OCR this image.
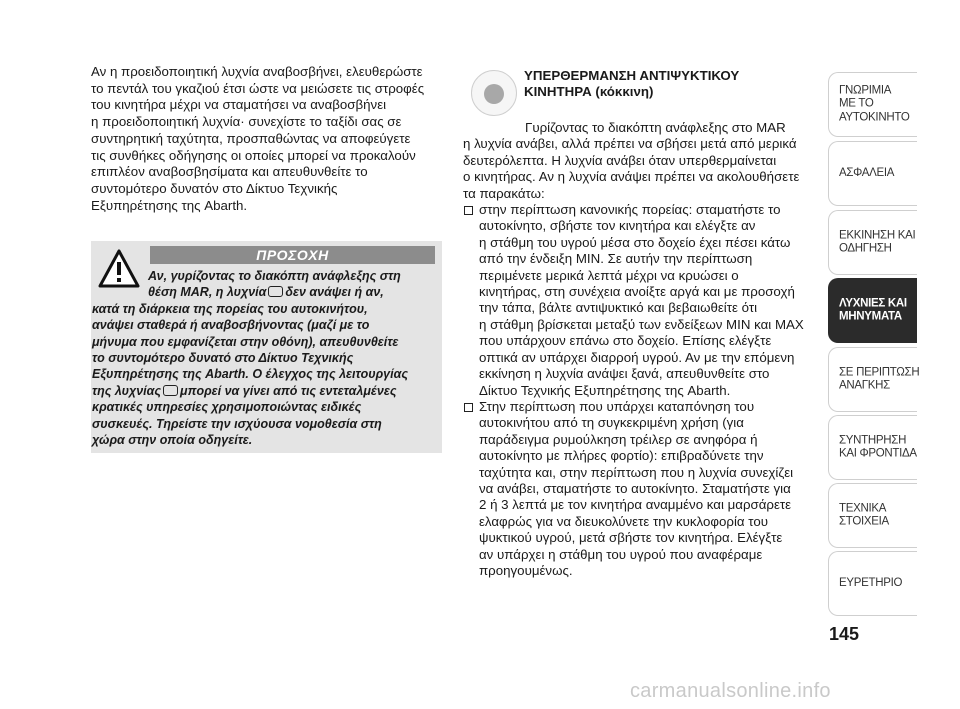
Αν η προειδοποιητική λυχνία αναβοσβήνει, ελευθερώστε
το πεντάλ του γκαζιού έτσι ώστε να μειώσετε τις στροφές
του κινητήρα μέχρι να σταματήσει να αναβοσβήνει
η προειδοποιητική λυχνία· συνεχίστε το ταξίδι σας σε
συντηρητική ταχύτητα, προσπαθώντας να αποφεύγετε
τις συνθήκες οδήγησης οι οποίες μπορεί να προκαλούν
επιπλέον αναβοσβησίματα και απευθυνθείτε το
συντομότερο δυνατόν στο Δίκτυο Τεχνικής
Εξυπηρέτησης της Abarth.
ΠΡΟΣΟΧΗ
Αν, γυρίζοντας το διακόπτη ανάφλεξης στη
θέση MAR, η λυχνία δεν ανάψει ή αν,
κατά τη διάρκεια της πορείας του αυτοκινήτου,
ανάψει σταθερά ή αναβοσβήνοντας (μαζί με το
μήνυμα που εμφανίζεται στην οθόνη), απευθυνθείτε
το συντομότερο δυνατό στο Δίκτυο Τεχνικής
Εξυπηρέτησης της Abarth. Ο έλεγχος της λειτουργίας
της λυχνίας μπορεί να γίνει από τις εντεταλμένες
κρατικές υπηρεσίες χρησιμοποιώντας ειδικές
συσκευές. Τηρείστε την ισχύουσα νομοθεσία στη
χώρα στην οποία οδηγείτε.
ΥΠΕΡΘΕΡΜΑΝΣΗ ΑΝΤΙΨΥΚΤΙΚΟΥ
ΚΙΝΗΤΗΡΑ (κόκκινη)
Γυρίζοντας το διακόπτη ανάφλεξης στο MAR
η λυχνία ανάβει, αλλά πρέπει να σβήσει μετά από μερικά
δευτερόλεπτα. Η λυχνία ανάβει όταν υπερθερμαίνεται
ο κινητήρας. Αν η λυχνία ανάψει πρέπει να ακολουθήσετε
τα παρακάτω:
στην περίπτωση κανονικής πορείας: σταματήστε το
αυτοκίνητο, σβήστε τον κινητήρα και ελέγξτε αν
η στάθμη του υγρού μέσα στο δοχείο έχει πέσει κάτω
από την ένδειξη MIN. Σε αυτήν την περίπτωση
περιμένετε μερικά λεπτά μέχρι να κρυώσει ο
κινητήρας, στη συνέχεια ανοίξτε αργά και με προσοχή
την τάπα, βάλτε αντιψυκτικό και βεβαιωθείτε ότι
η στάθμη βρίσκεται μεταξύ των ενδείξεων MIN και MAX
που υπάρχουν επάνω στο δοχείο. Επίσης ελέγξτε
οπτικά αν υπάρχει διαρροή υγρού. Αν με την επόμενη
εκκίνηση η λυχνία ανάψει ξανά, απευθυνθείτε στο
Δίκτυο Τεχνικής Εξυπηρέτησης της Abarth.
Στην περίπτωση που υπάρχει καταπόνηση του
αυτοκινήτου από τη συγκεκριμένη χρήση (για
παράδειγμα ρυμούλκηση τρέιλερ σε ανηφόρα ή
αυτοκίνητο με πλήρες φορτίο): επιβραδύνετε την
ταχύτητα και, στην περίπτωση που η λυχνία συνεχίζει
να ανάβει, σταματήστε το αυτοκίνητο. Σταματήστε για
2 ή 3 λεπτά με τον κινητήρα αναμμένο και μαρσάρετε
ελαφρώς για να διευκολύνετε την κυκλοφορία του
ψυκτικού υγρού, μετά σβήστε τον κινητήρα. Ελέγξτε
αν υπάρχει η στάθμη του υγρού που αναφέραμε
προηγουμένως.
ΓΝΩΡΙΜΙΑ
ΜΕ ΤΟ
ΑΥΤΟΚΙΝΗΤΟ
ΑΣΦΑΛΕΙΑ
ΕΚΚΙΝΗΣΗ ΚΑΙ
ΟΔΗΓΗΣΗ
ΛΥΧΝΙΕΣ ΚΑΙ
ΜΗΝΥΜΑΤΑ
ΣΕ ΠΕΡΙΠΤΩΣΗ
ΑΝΑΓΚΗΣ
ΣΥΝΤΗΡΗΣΗ
ΚΑΙ ΦΡΟΝΤΙΔΑ
ΤΕΧΝΙΚΑ
ΣΤΟΙΧΕΙΑ
ΕΥΡΕΤΗΡΙΟ
145
carmanualsonline.info
